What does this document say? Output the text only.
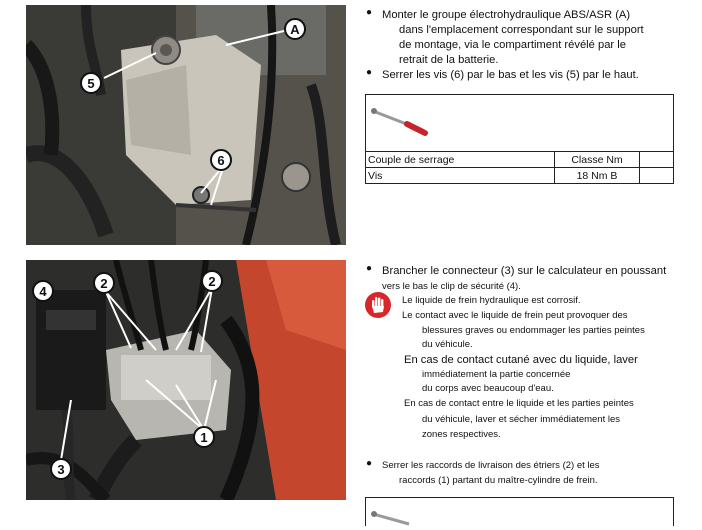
A
5
6
● Monter le groupe électrohydraulique ABS/ASR (A)
dans l'emplacement correspondant sur le support
de montage, via le compartiment révélé par le
retrait de la batterie.
● Serrer les vis (6) par le bas et les vis (5) par le haut.
Couple de serrage	Classe Nm	
Vis	18 Nm B	
4
2	2
1
3
● Brancher le connecteur (3) sur le calculateur en poussant
vers le bas le clip de sécurité (4).
Le liquide de frein hydraulique est corrosif.
Le contact avec le liquide de frein peut provoquer des
blessures graves ou endommager les parties peintes
du véhicule.
En cas de contact cutané avec du liquide, laver
immédiatement la partie concernée
du corps avec beaucoup d'eau.
En cas de contact entre le liquide et les parties peintes
du véhicule, laver et sécher immédiatement les
zones respectives.
● Serrer les raccords de livraison des étriers (2) et les
raccords (1) partant du maître-cylindre de frein.
